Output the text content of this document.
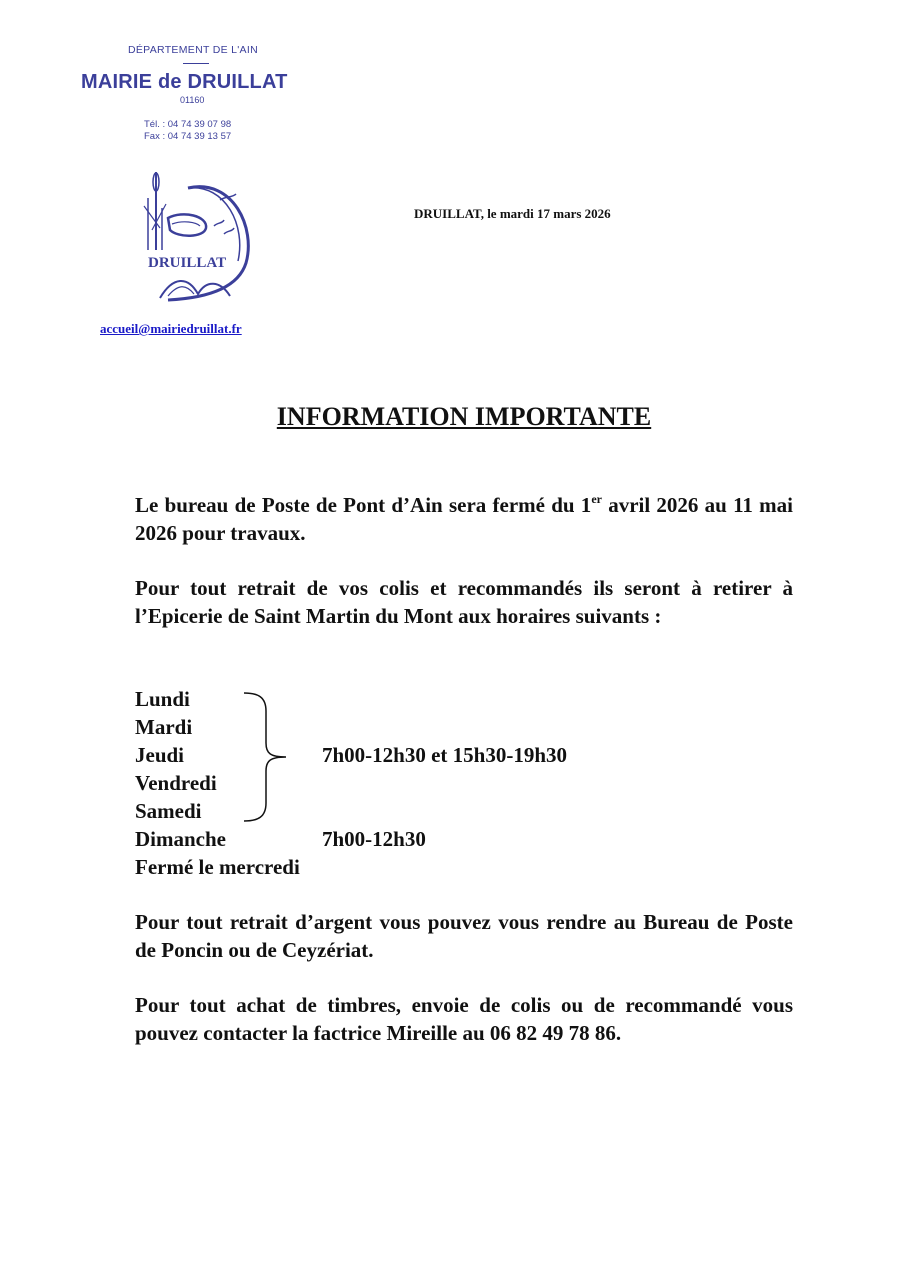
DÉPARTEMENT DE L'AIN
MAIRIE de DRUILLAT
01160
Tél. : 04 74 39 07 98
Fax : 04 74 39 13 57
DRUILLAT
accueil@mairiedruillat.fr
DRUILLAT, le mardi 17 mars 2026
INFORMATION IMPORTANTE
Le bureau de Poste de Pont d’Ain sera fermé du 1er avril 2026 au 11 mai 2026 pour travaux.
Pour tout retrait de vos colis et recommandés ils seront à retirer à l’Epicerie de Saint Martin du Mont aux horaires suivants :
Lundi
Mardi
Jeudi
Vendredi
Samedi
Dimanche
Fermé le mercredi
7h00-12h30 et 15h30-19h30
7h00-12h30
Pour tout retrait d’argent vous pouvez vous rendre au Bureau de Poste de Poncin ou de Ceyzériat.
Pour tout achat de timbres, envoie de colis ou de recommandé vous pouvez contacter la factrice Mireille au 06 82 49 78 86.
